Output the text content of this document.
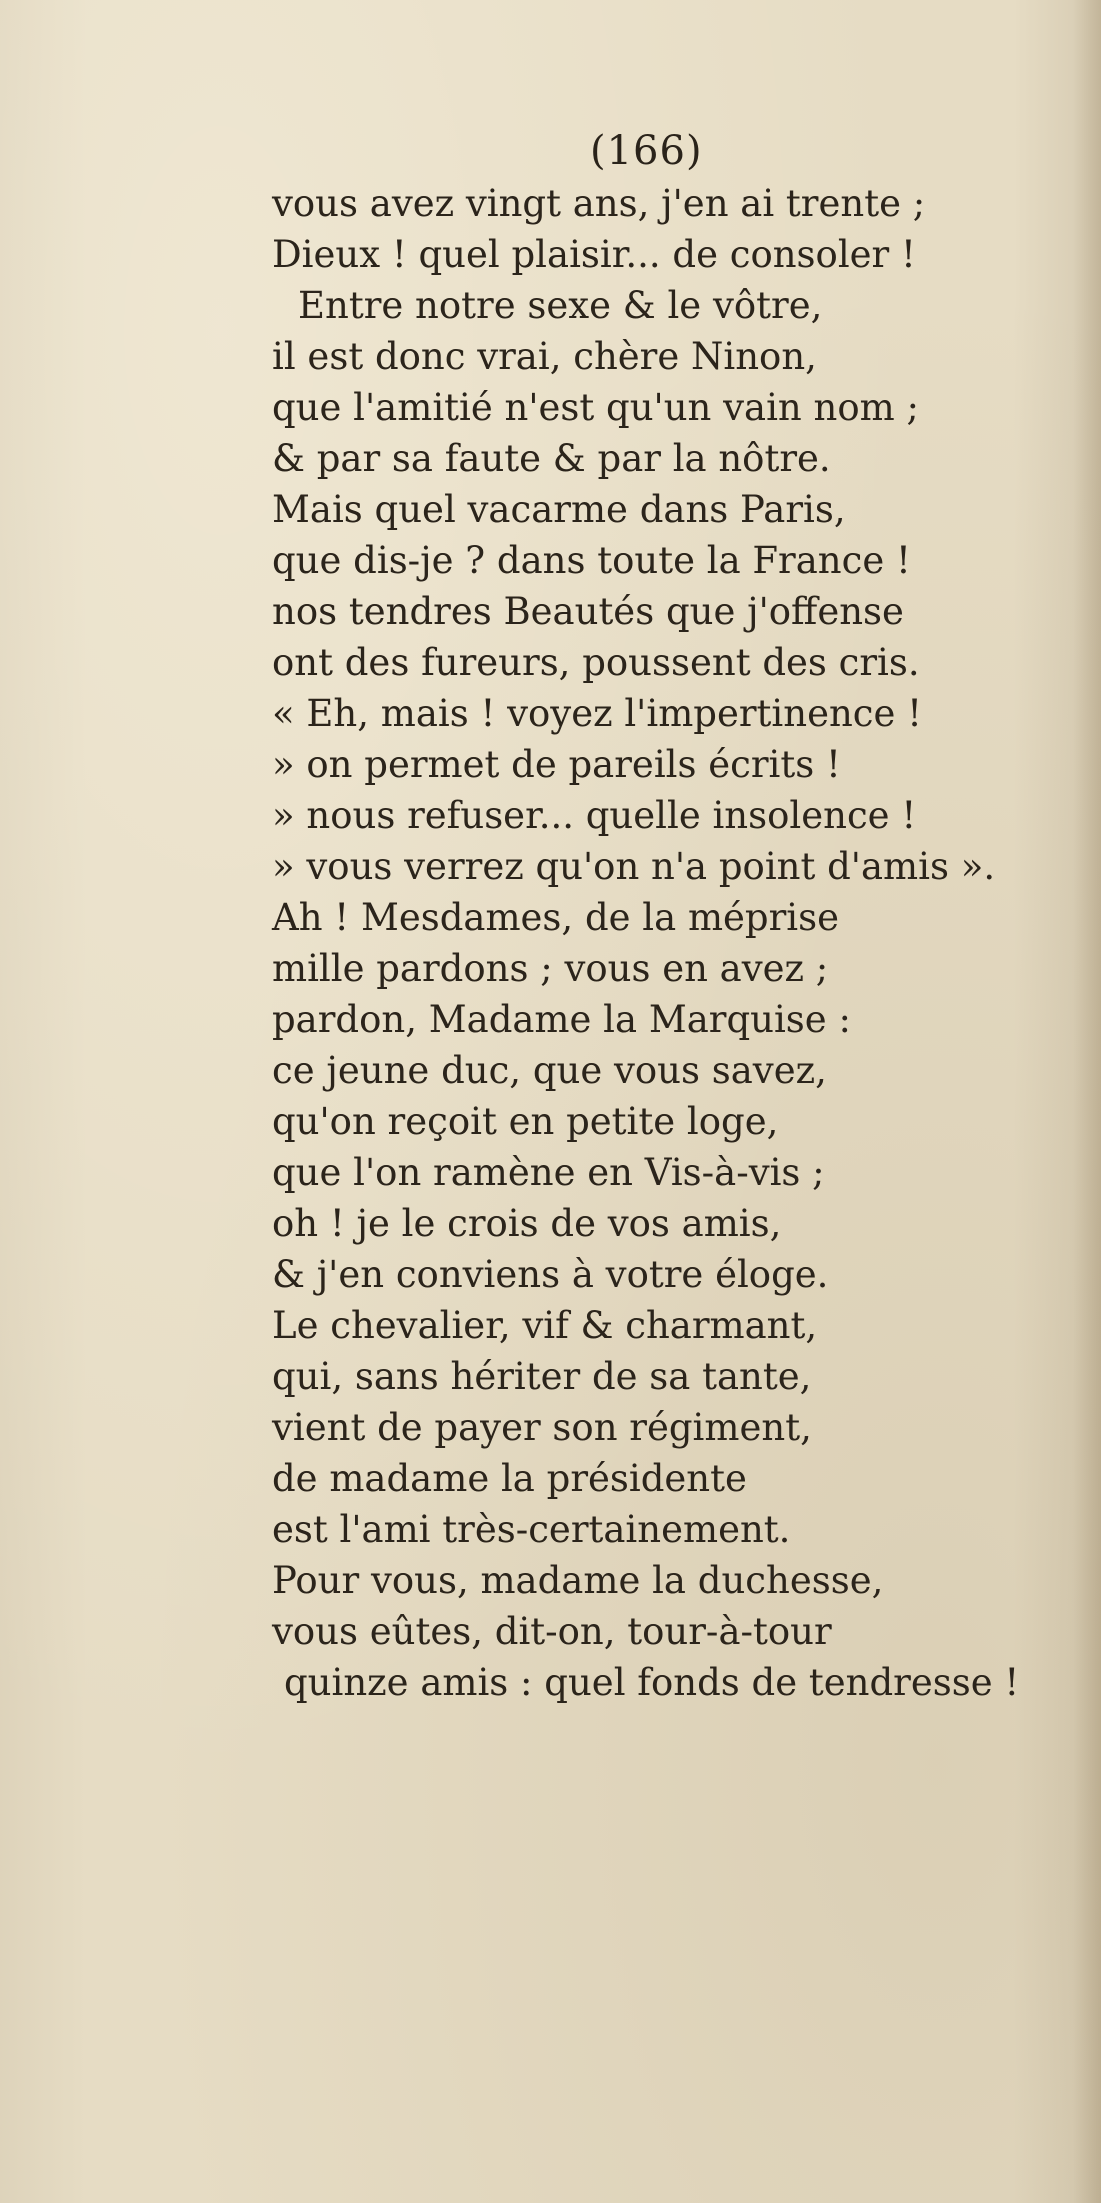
(166)
vous avez vingt ans, j'en ai trente ;
Dieux ! quel plaisir... de consoler !
Entre notre sexe & le vôtre,
il est donc vrai, chère Ninon,
que l'amitié n'est qu'un vain nom ;
& par sa faute & par la nôtre.
Mais quel vacarme dans Paris,
que dis-je ? dans toute la France !
nos tendres Beautés que j'offense
ont des fureurs, poussent des cris.
« Eh, mais ! voyez l'impertinence !
» on permet de pareils écrits !
» nous refuser... quelle insolence !
» vous verrez qu'on n'a point d'amis ».
Ah ! Mesdames, de la méprise
mille pardons ; vous en avez ;
pardon, Madame la Marquise :
ce jeune duc, que vous savez,
qu'on reçoit en petite loge,
que l'on ramène en Vis-à-vis ;
oh ! je le crois de vos amis,
& j'en conviens à votre éloge.
Le chevalier, vif & charmant,
qui, sans hériter de sa tante,
vient de payer son régiment,
de madame la présidente
est l'ami très-certainement.
Pour vous, madame la duchesse,
vous eûtes, dit-on, tour-à-tour
quinze amis : quel fonds de tendresse !
